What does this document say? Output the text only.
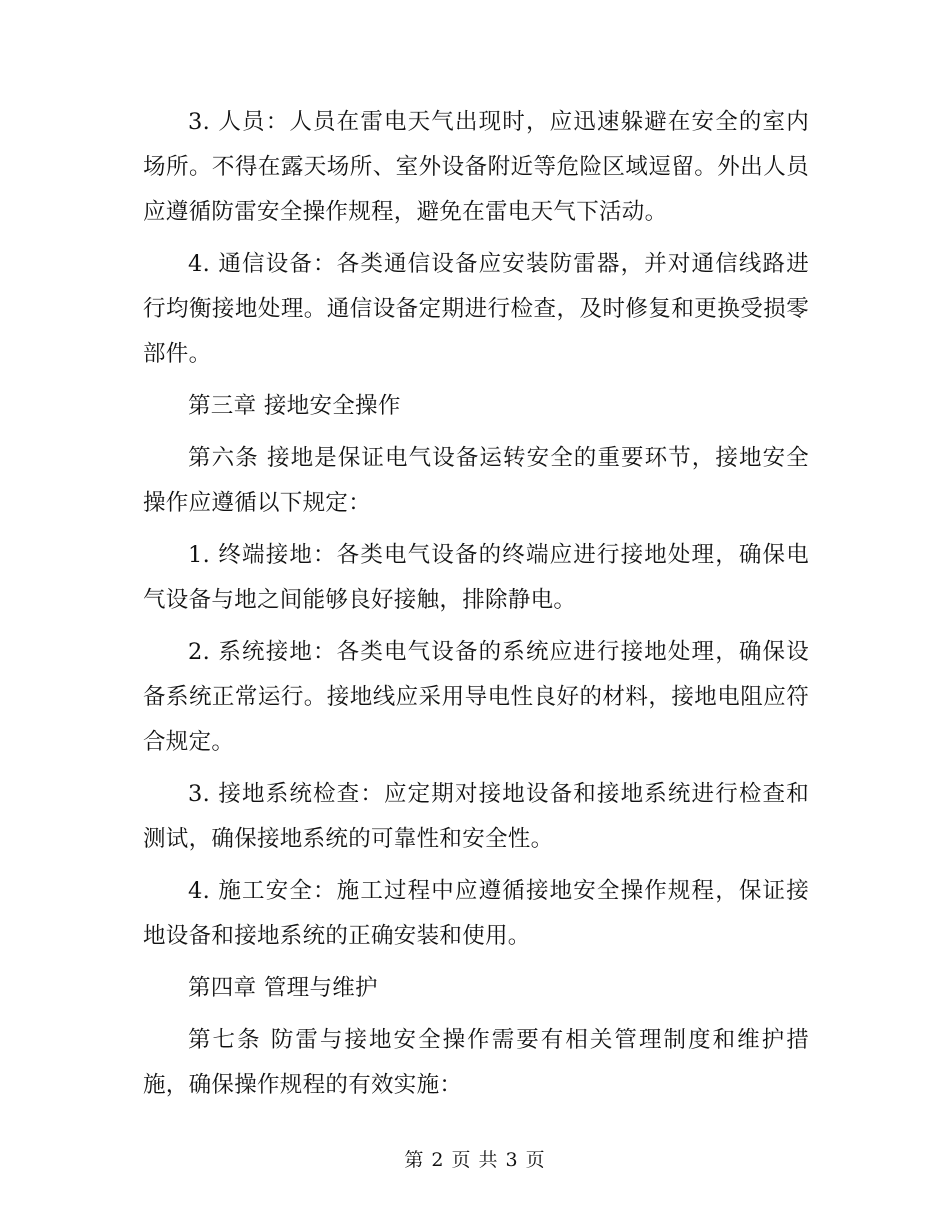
3. 人员：人员在雷电天气出现时，应迅速躲避在安全的室内场所。不得在露天场所、室外设备附近等危险区域逗留。外出人员应遵循防雷安全操作规程，避免在雷电天气下活动。

4. 通信设备：各类通信设备应安装防雷器，并对通信线路进行均衡接地处理。通信设备定期进行检查，及时修复和更换受损零部件。

第三章 接地安全操作

第六条 接地是保证电气设备运转安全的重要环节，接地安全操作应遵循以下规定：

1. 终端接地：各类电气设备的终端应进行接地处理，确保电气设备与地之间能够良好接触，排除静电。

2. 系统接地：各类电气设备的系统应进行接地处理，确保设备系统正常运行。接地线应采用导电性良好的材料，接地电阻应符合规定。

3. 接地系统检查：应定期对接地设备和接地系统进行检查和测试，确保接地系统的可靠性和安全性。

4. 施工安全：施工过程中应遵循接地安全操作规程，保证接地设备和接地系统的正确安装和使用。

第四章 管理与维护

第七条 防雷与接地安全操作需要有相关管理制度和维护措施，确保操作规程的有效实施：

第 2 页 共 3 页
